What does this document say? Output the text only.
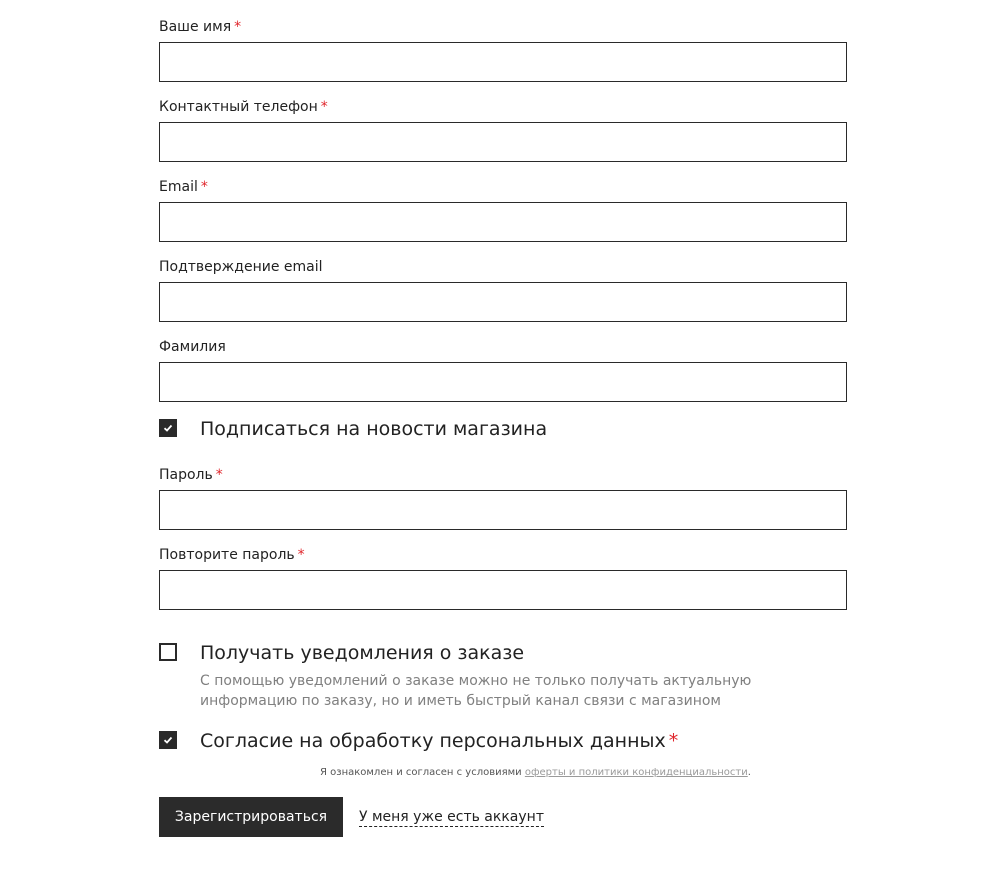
Ваше имя *
Контактный телефон *
Email *
Подтверждение email
Фамилия
Подписаться на новости магазина
Пароль *
Повторите пароль *
Получать уведомления о заказе
С помощью уведомлений о заказе можно не только получать актуальную информацию по заказу, но и иметь быстрый канал связи с магазином
Согласие на обработку персональных данных *
Я ознакомлен и согласен с условиями оферты и политики конфиденциальности.
Зарегистрироваться	У меня уже есть аккаунт
